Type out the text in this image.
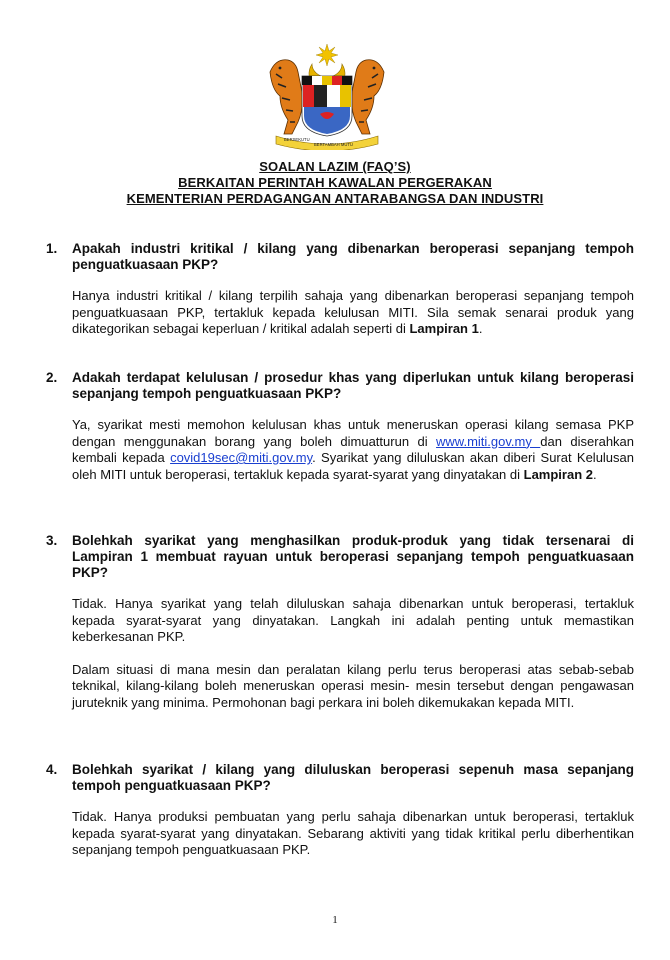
BERSEKUTU
BERTAMBAH MUTU
SOALAN LAZIM (FAQ’S)
BERKAITAN PERINTAH KAWALAN PERGERAKAN
KEMENTERIAN PERDAGANGAN ANTARABANGSA DAN INDUSTRI
1. Apakah industri kritikal / kilang yang dibenarkan beroperasi sepanjang tempoh penguatkuasaan PKP?
Hanya industri kritikal / kilang terpilih sahaja yang dibenarkan beroperasi sepanjang tempoh penguatkuasaan PKP, tertakluk kepada kelulusan MITI. Sila semak senarai produk yang dikategorikan sebagai keperluan / kritikal adalah seperti di Lampiran 1.
2. Adakah terdapat kelulusan / prosedur khas yang diperlukan untuk kilang beroperasi sepanjang tempoh penguatkuasaan PKP?
Ya, syarikat mesti memohon kelulusan khas untuk meneruskan operasi kilang semasa PKP dengan menggunakan borang yang boleh dimuatturun di www.miti.gov.my dan diserahkan kembali kepada covid19sec@miti.gov.my. Syarikat yang diluluskan akan diberi Surat Kelulusan oleh MITI untuk beroperasi, tertakluk kepada syarat-syarat yang dinyatakan di Lampiran 2.
3. Bolehkah syarikat yang menghasilkan produk-produk yang tidak tersenarai di Lampiran 1 membuat rayuan untuk beroperasi sepanjang tempoh penguatkuasaan PKP?
Tidak. Hanya syarikat yang telah diluluskan sahaja dibenarkan untuk beroperasi, tertakluk kepada syarat-syarat yang dinyatakan. Langkah ini adalah penting untuk memastikan keberkesanan PKP.
Dalam situasi di mana mesin dan peralatan kilang perlu terus beroperasi atas sebab-sebab teknikal, kilang-kilang boleh meneruskan operasi mesin- mesin tersebut dengan pengawasan juruteknik yang minima. Permohonan bagi perkara ini boleh dikemukakan kepada MITI.
4. Bolehkah syarikat / kilang yang diluluskan beroperasi sepenuh masa sepanjang tempoh penguatkuasaan PKP?
Tidak. Hanya produksi pembuatan yang perlu sahaja dibenarkan untuk beroperasi, tertakluk kepada syarat-syarat yang dinyatakan. Sebarang aktiviti yang tidak kritikal perlu diberhentikan sepanjang tempoh penguatkuasaan PKP.
1
